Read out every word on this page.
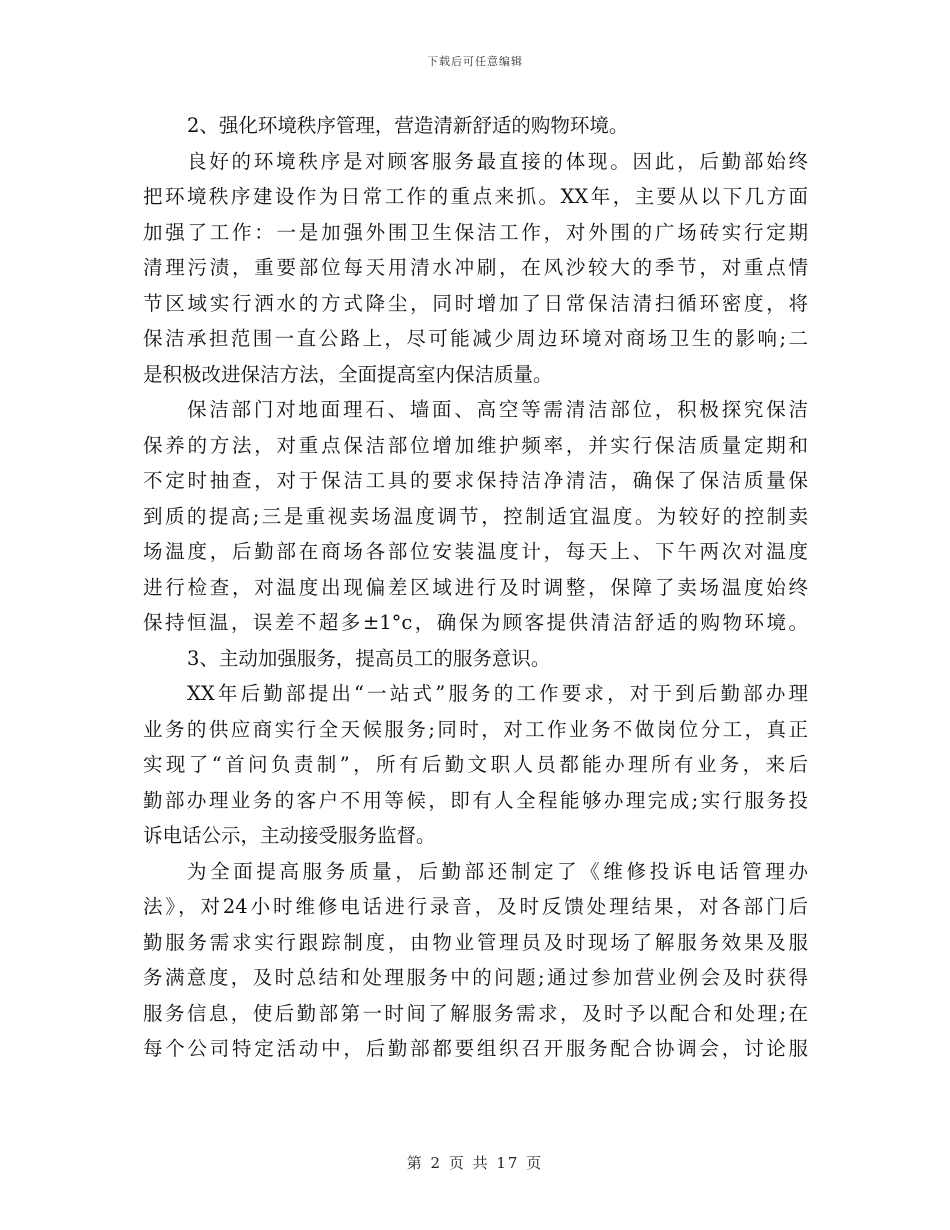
下载后可任意编辑
2、强化环境秩序管理，营造清新舒适的购物环境。
良好的环境秩序是对顾客服务最直接的体现。因此，后勤部始终
把环境秩序建设作为日常工作的重点来抓。XX年，主要从以下几方面
加强了工作：一是加强外围卫生保洁工作，对外围的广场砖实行定期
清理污渍，重要部位每天用清水冲刷，在风沙较大的季节，对重点情
节区域实行洒水的方式降尘，同时增加了日常保洁清扫循环密度，将
保洁承担范围一直公路上，尽可能减少周边环境对商场卫生的影响;二
是积极改进保洁方法，全面提高室内保洁质量。
保洁部门对地面理石、墙面、高空等需清洁部位，积极探究保洁
保养的方法，对重点保洁部位增加维护频率，并实行保洁质量定期和
不定时抽查，对于保洁工具的要求保持洁净清洁，确保了保洁质量保
到质的提高;三是重视卖场温度调节，控制适宜温度。为较好的控制卖
场温度，后勤部在商场各部位安装温度计，每天上、下午两次对温度
进行检查，对温度出现偏差区域进行及时调整，保障了卖场温度始终
保持恒温，误差不超多±1°c，确保为顾客提供清洁舒适的购物环境。
3、主动加强服务，提高员工的服务意识。
XX年后勤部提出“一站式”服务的工作要求，对于到后勤部办理
业务的供应商实行全天候服务;同时，对工作业务不做岗位分工，真正
实现了“首问负责制”，所有后勤文职人员都能办理所有业务，来后
勤部办理业务的客户不用等候，即有人全程能够办理完成;实行服务投
诉电话公示，主动接受服务监督。
为全面提高服务质量，后勤部还制定了《维修投诉电话管理办
法》，对24小时维修电话进行录音，及时反馈处理结果，对各部门后
勤服务需求实行跟踪制度，由物业管理员及时现场了解服务效果及服
务满意度，及时总结和处理服务中的问题;通过参加营业例会及时获得
服务信息，使后勤部第一时间了解服务需求，及时予以配合和处理;在
每个公司特定活动中，后勤部都要组织召开服务配合协调会，讨论服
第 2 页 共 17 页
